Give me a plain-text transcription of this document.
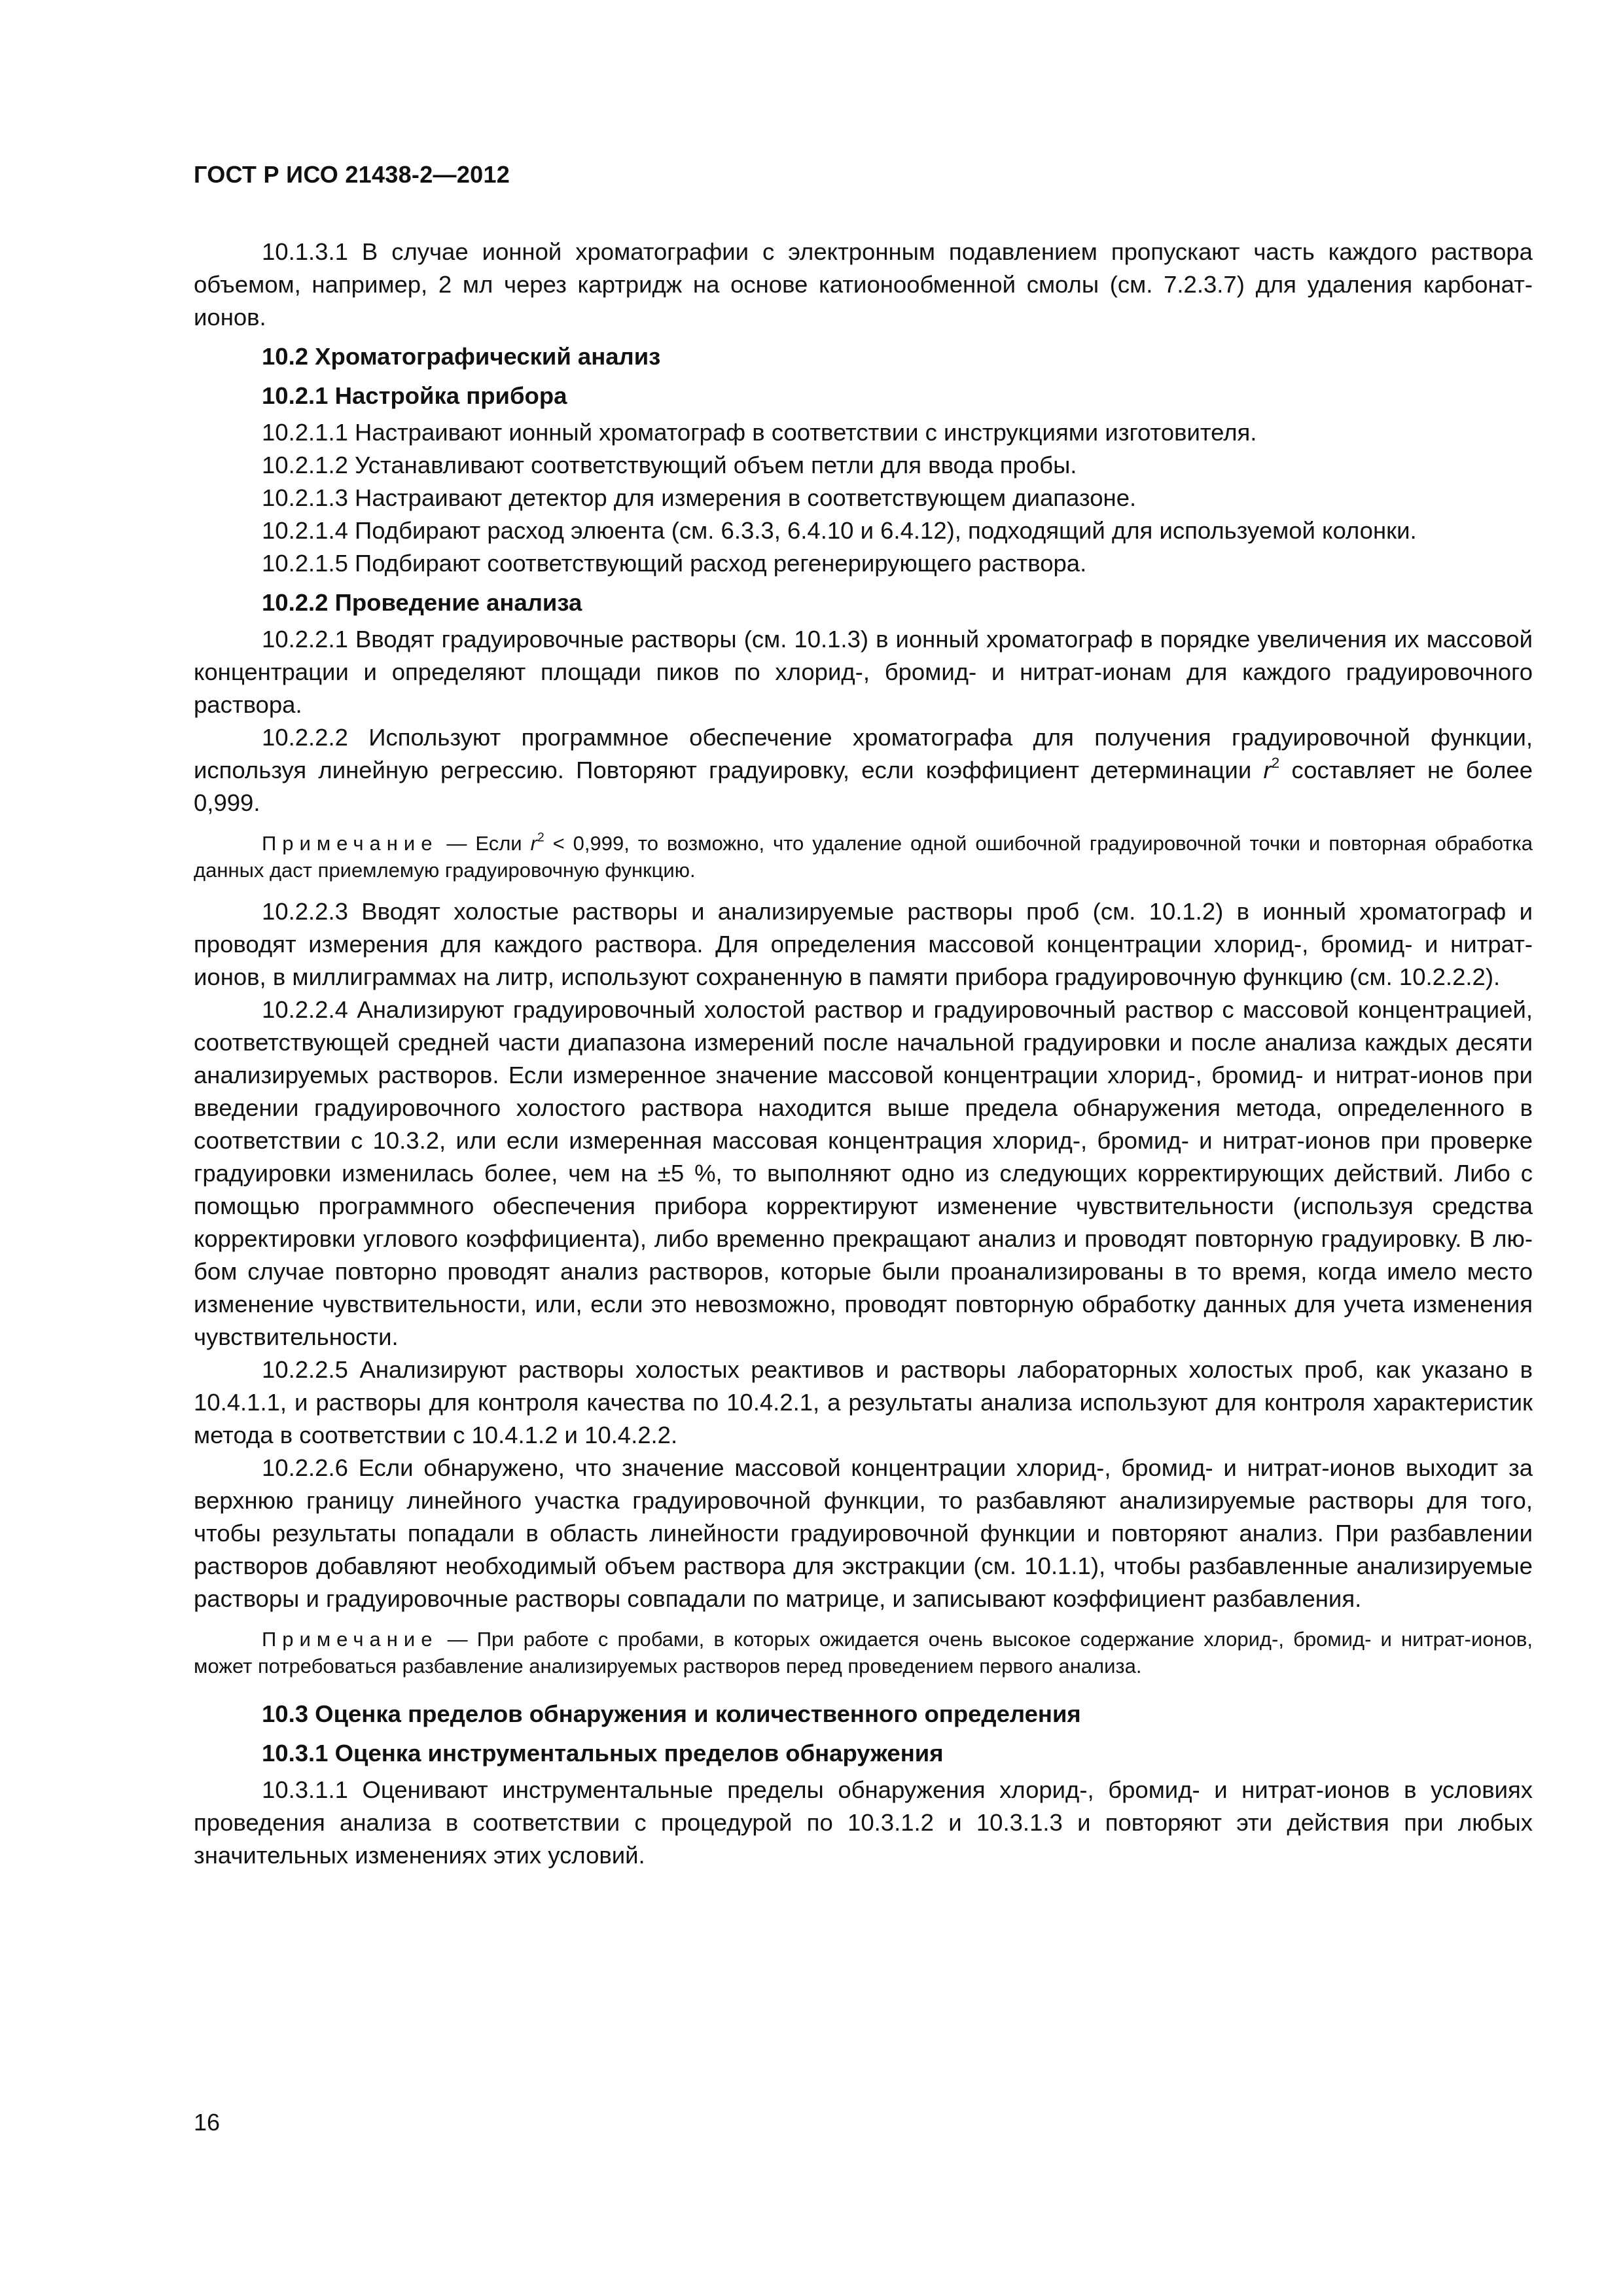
ГОСТ Р ИСО 21438-2—2012

10.1.3.1 В случае ионной хроматографии с электронным подавлением пропускают часть каждого раствора объемом, например, 2 мл через картридж на основе катионообменной смолы (см. 7.2.3.7) для удаления карбонат-ионов.

10.2 Хроматографический анализ

10.2.1 Настройка прибора

10.2.1.1 Настраивают ионный хроматограф в соответствии с инструкциями изготовителя.

10.2.1.2 Устанавливают соответствующий объем петли для ввода пробы.

10.2.1.3 Настраивают детектор для измерения в соответствующем диапазоне.

10.2.1.4 Подбирают расход элюента (см. 6.3.3, 6.4.10 и 6.4.12), подходящий для используемой колонки.

10.2.1.5 Подбирают соответствующий расход регенерирующего раствора.

10.2.2 Проведение анализа

10.2.2.1 Вводят градуировочные растворы (см. 10.1.3) в ионный хроматограф в порядке увеличения их массовой концентрации и определяют площади пиков по хлорид-, бромид- и нитрат-ионам для каждого градуировочного раствора.

10.2.2.2 Используют программное обеспечение хроматографа для получения градуировочной функции, используя линейную регрессию. Повторяют градуировку, если коэффициент детерминации $r^2$ составляет не более 0,999.

Примечание — Если $r^2 < 0,999$, то возможно, что удаление одной ошибочной градуировочной точки и повторная обработка данных даст приемлемую градуировочную функцию.

10.2.2.3 Вводят холостые растворы и анализируемые растворы проб (см. 10.1.2) в ионный хроматограф и проводят измерения для каждого раствора. Для определения массовой концентрации хлорид-, бромид- и нитрат-ионов, в миллиграммах на литр, используют сохраненную в памяти прибора градуировочную функцию (см. 10.2.2.2).

10.2.2.4 Анализируют градуировочный холостой раствор и градуировочный раствор с массовой концентрацией, соответствующей средней части диапазона измерений после начальной градуировки и после анализа каждых десяти анализируемых растворов. Если измеренное значение массовой концентрации хлорид-, бромид- и нитрат-ионов при введении градуировочного холостого раствора находится выше предела обнаружения метода, определенного в соответствии с 10.3.2, или если измеренная массовая концентрация хлорид-, бромид- и нитрат-ионов при проверке градуировки изменилась более, чем на ±5 %, то выполняют одно из следующих корректирующих действий. Либо с помощью программного обеспечения прибора корректируют изменение чувствительности (используя средства корректировки углового коэффициента), либо временно прекращают анализ и проводят повторную градуировку. В любом случае повторно проводят анализ растворов, которые были проанализированы в то время, когда имело место изменение чувствительности, или, если это невозможно, проводят повторную обработку данных для учета изменения чувствительности.

10.2.2.5 Анализируют растворы холостых реактивов и растворы лабораторных холостых проб, как указано в 10.4.1.1, и растворы для контроля качества по 10.4.2.1, а результаты анализа используют для контроля характеристик метода в соответствии с 10.4.1.2 и 10.4.2.2.

10.2.2.6 Если обнаружено, что значение массовой концентрации хлорид-, бромид- и нитрат-ионов выходит за верхнюю границу линейного участка градуировочной функции, то разбавляют анализируемые растворы для того, чтобы результаты попадали в область линейности градуировочной функции и повторяют анализ. При разбавлении растворов добавляют необходимый объем раствора для экстракции (см. 10.1.1), чтобы разбавленные анализируемые растворы и градуировочные растворы совпадали по матрице, и записывают коэффициент разбавления.

Примечание — При работе с пробами, в которых ожидается очень высокое содержание хлорид-, бромид- и нитрат-ионов, может потребоваться разбавление анализируемых растворов перед проведением первого анализа.

10.3 Оценка пределов обнаружения и количественного определения

10.3.1 Оценка инструментальных пределов обнаружения

10.3.1.1 Оценивают инструментальные пределы обнаружения хлорид-, бромид- и нитрат-ионов в условиях проведения анализа в соответствии с процедурой по 10.3.1.2 и 10.3.1.3 и повторяют эти действия при любых значительных изменениях этих условий.

16
